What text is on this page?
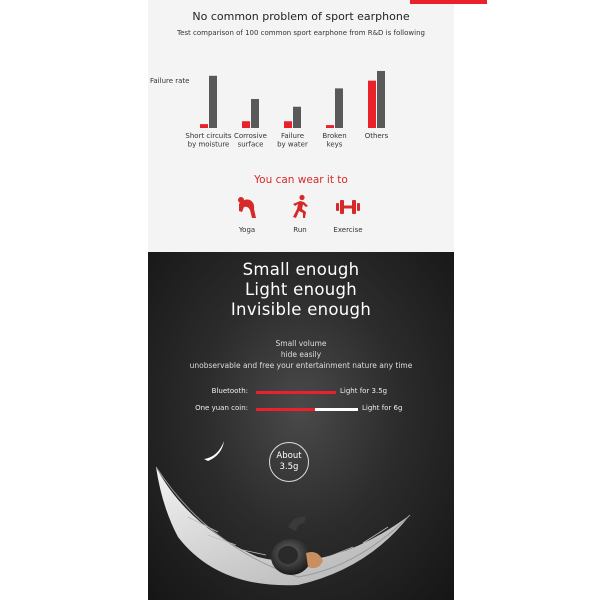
No common problem of sport earphone
Test comparison of 100 common sport earphone from R&D is following
Failure rate
Short circuits by moisture
Corrosive surface
Failure by water
Broken keys
Others
You can wear it to
Yoga	Run	Exercise
Small enough
Light enough
Invisible enough
Small volume
hide easily
unobservable and free your entertainment nature any time
Bluetooth:	Light for 3.5g
One yuan coin:	Light for 6g
About
3.5g
